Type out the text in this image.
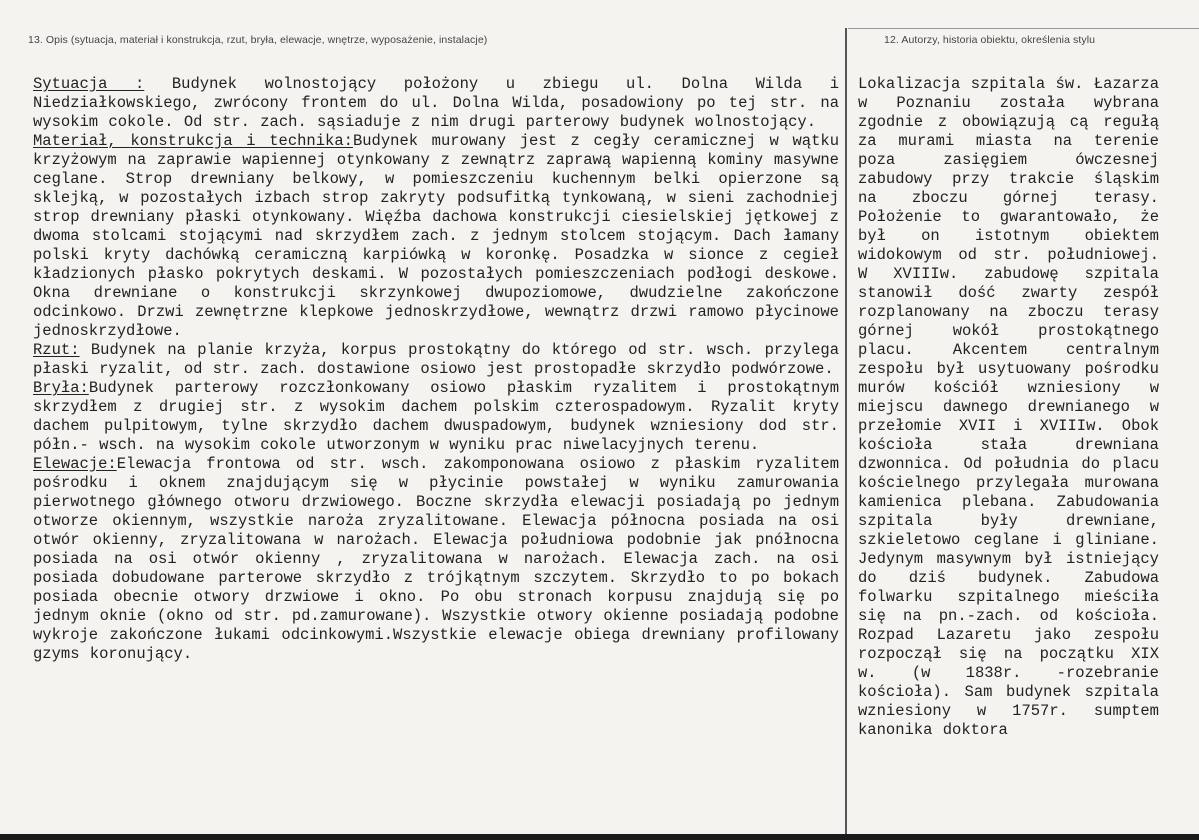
13. Opis (sytuacja, materiał i konstrukcja, rzut, bryła, elewacje, wnętrze, wyposażenie, instalacje)	12. Autorzy, historia obiektu, określenia stylu

Sytuacja : Budynek wolnostojący położony u zbiegu ul. Dolna Wilda i Niedziałkowskiego, zwrócony frontem do ul. Dolna Wilda, posadowiony po tej str. na wysokim cokole. Od str. zach. sąsiaduje z nim drugi parterowy budynek wolnostojący.

Materiał, konstrukcja i technika:Budynek murowany jest z cegły ceramicznej w wątku krzyżowym na zaprawie wapiennej otynkowany z zewnątrz zaprawą wapienną kominy masywne ceglane. Strop drewniany belkowy, w pomieszczeniu kuchennym belki opierzone są sklejką, w pozostałych izbach strop zakryty podsufitką tynkowaną, w sieni zachodniej strop drewniany płaski otynkowany. Więźba dachowa konstrukcji ciesielskiej jętkowej z dwoma stolcami stojącymi nad skrzydłem zach. z jednym stolcem stojącym. Dach łamany polski kryty dachówką ceramiczną karpiówką w koronkę. Posadzka w sionce z cegieł kładzionych płasko pokrytych deskami. W pozostałych pomieszczeniach podłogi deskowe. Okna drewniane o konstrukcji skrzynkowej dwupoziomowe, dwudzielne zakończone odcinkowo. Drzwi zewnętrzne klepkowe jednoskrzydłowe, wewnątrz drzwi ramowo płycinowe jednoskrzydłowe.

Rzut: Budynek na planie krzyża, korpus prostokątny do którego od str. wsch. przylega płaski ryzalit, od str. zach. dostawione osiowo jest prostopadłe skrzydło podwórzowe.

Bryła:Budynek parterowy rozczłonkowany osiowo płaskim ryzalitem i prostokątnym skrzydłem z drugiej str. z wysokim dachem polskim czterospadowym. Ryzalit kryty dachem pulpitowym, tylne skrzydło dachem dwuspadowym, budynek wzniesiony dod str. półn.- wsch. na wysokim cokole utworzonym w wyniku prac niwelacyjnych terenu.

Elewacje:Elewacja frontowa od str. wsch. zakomponowana osiowo z płaskim ryzalitem pośrodku i oknem znajdującym się w płycinie powstałej w wyniku zamurowania pierwotnego głównego otworu drzwiowego. Boczne skrzydła elewacji posiadają po jednym otworze okiennym, wszystkie naroża zryzalitowane. Elewacja północna posiada na osi otwór okienny, zryzalitowana w narożach. Elewacja południowa podobnie jak pnółnocna posiada na osi otwór okienny , zryzalitowana w narożach. Elewacja zach. na osi posiada dobudowane parterowe skrzydło z trójkątnym szczytem. Skrzydło to po bokach posiada obecnie otwory drzwiowe i okno. Po obu stronach korpusu znajdują się po jednym oknie (okno od str. pd.zamurowane). Wszystkie otwory okienne posiadają podobne wykroje zakończone łukami odcinkowymi.Wszystkie elewacje obiega drewniany profilowany gzyms koronujący.

Lokalizacja szpitala św. Łazarza w Poznaniu została wybrana zgodnie z obowiązują cą regułą za murami miasta na terenie poza zasięgiem ówczesnej zabudowy przy trakcie śląskim na zboczu górnej terasy. Położenie to gwarantowało, że był on istotnym obiektem widokowym od str. południowej. W XVIIIw. zabudowę szpitala stanowił dość zwarty zespół rozplanowany na zboczu terasy górnej wokół prostokątnego placu. Akcentem centralnym zespołu był usytuowany pośrodku murów kościół wzniesiony w miejscu dawnego drewnianego w przełomie XVII i XVIIIw. Obok kościoła stała drewniana dzwonnica. Od południa do placu kościelnego przylegała murowana kamienica plebana. Zabudowania szpitala były drewniane, szkieletowo ceglane i gliniane. Jedynym masywnym był istniejący do dziś budynek. Zabudowa folwarku szpitalnego mieściła się na pn.-zach. od kościoła. Rozpad Lazaretu jako zespołu rozpoczął się na początku XIX w. (w 1838r. -rozebranie kościoła). Sam budynek szpitala wzniesiony w 1757r. sumptem kanonika doktora
